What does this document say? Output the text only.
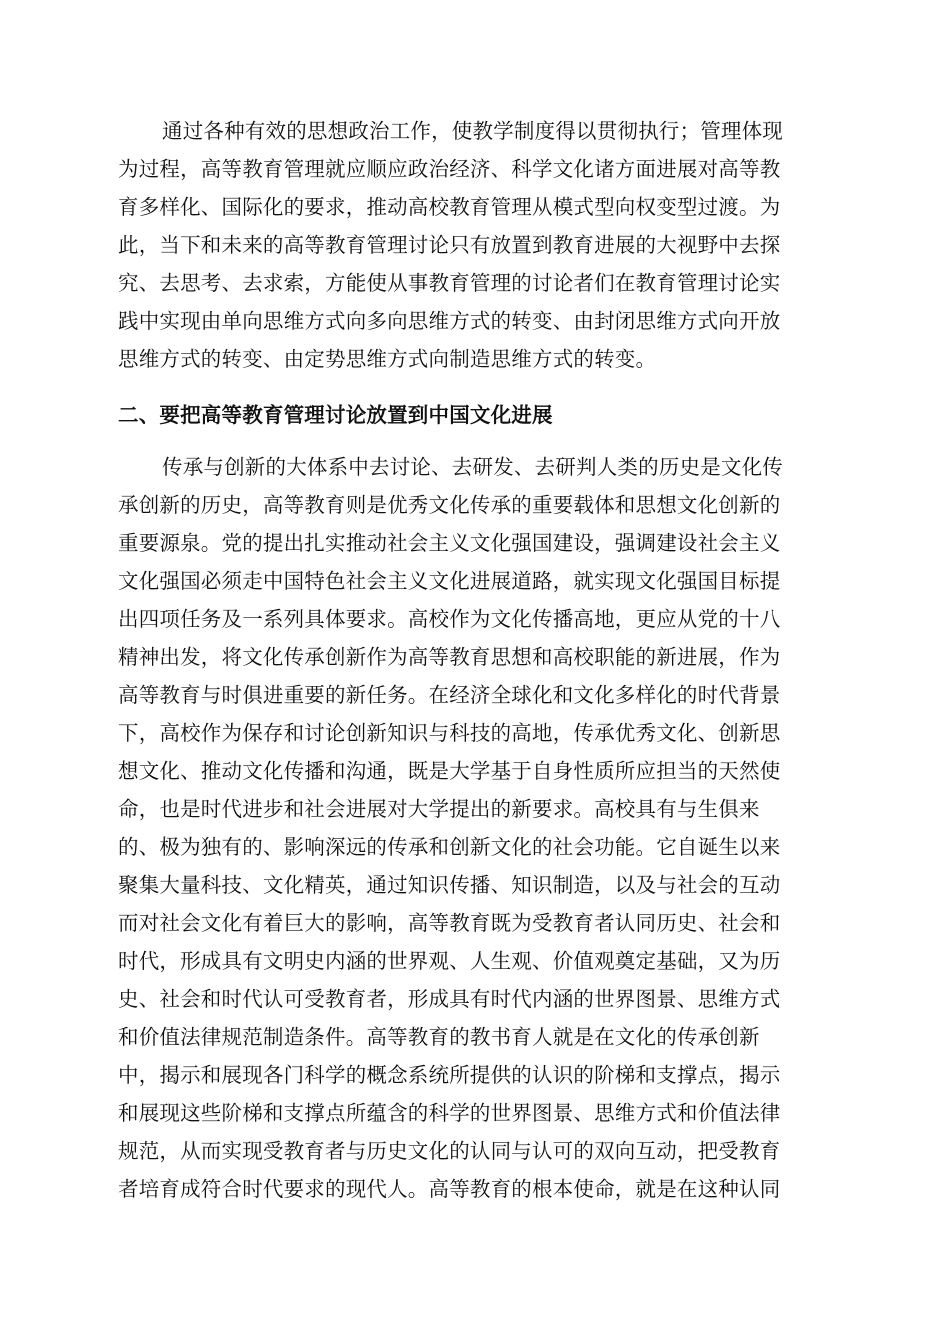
通过各种有效的思想政治工作，使教学制度得以贯彻执行；管理体现
为过程，高等教育管理就应顺应政治经济、科学文化诸方面进展对高等教
育多样化、国际化的要求，推动高校教育管理从模式型向权变型过渡。为
此，当下和未来的高等教育管理讨论只有放置到教育进展的大视野中去探
究、去思考、去求索，方能使从事教育管理的讨论者们在教育管理讨论实
践中实现由单向思维方式向多向思维方式的转变、由封闭思维方式向开放
思维方式的转变、由定势思维方式向制造思维方式的转变。
二、要把高等教育管理讨论放置到中国文化进展
传承与创新的大体系中去讨论、去研发、去研判人类的历史是文化传
承创新的历史，高等教育则是优秀文化传承的重要载体和思想文化创新的
重要源泉。党的提出扎实推动社会主义文化强国建设，强调建设社会主义
文化强国必须走中国特色社会主义文化进展道路，就实现文化强国目标提
出四项任务及一系列具体要求。高校作为文化传播高地，更应从党的十八
精神出发，将文化传承创新作为高等教育思想和高校职能的新进展，作为
高等教育与时俱进重要的新任务。在经济全球化和文化多样化的时代背景
下，高校作为保存和讨论创新知识与科技的高地，传承优秀文化、创新思
想文化、推动文化传播和沟通，既是大学基于自身性质所应担当的天然使
命，也是时代进步和社会进展对大学提出的新要求。高校具有与生俱来
的、极为独有的、影响深远的传承和创新文化的社会功能。它自诞生以来
聚集大量科技、文化精英，通过知识传播、知识制造，以及与社会的互动
而对社会文化有着巨大的影响，高等教育既为受教育者认同历史、社会和
时代，形成具有文明史内涵的世界观、人生观、价值观奠定基础，又为历
史、社会和时代认可受教育者，形成具有时代内涵的世界图景、思维方式
和价值法律规范制造条件。高等教育的教书育人就是在文化的传承创新
中，揭示和展现各门科学的概念系统所提供的认识的阶梯和支撑点，揭示
和展现这些阶梯和支撑点所蕴含的科学的世界图景、思维方式和价值法律
规范，从而实现受教育者与历史文化的认同与认可的双向互动，把受教育
者培育成符合时代要求的现代人。高等教育的根本使命，就是在这种认同
